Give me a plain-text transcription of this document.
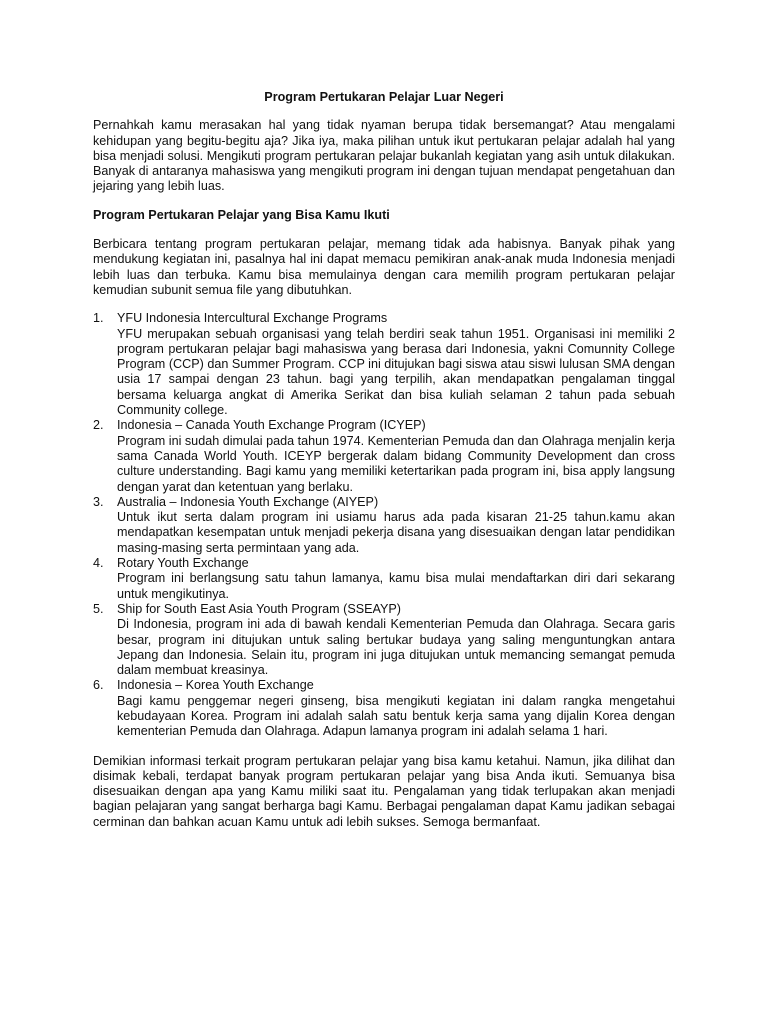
Program Pertukaran Pelajar Luar Negeri

Pernahkah kamu merasakan hal yang tidak nyaman berupa tidak bersemangat? Atau mengalami kehidupan yang begitu-begitu aja? Jika iya, maka pilihan untuk ikut pertukaran pelajar adalah hal yang bisa menjadi solusi. Mengikuti program pertukaran pelajar bukanlah kegiatan yang asih untuk dilakukan. Banyak di antaranya mahasiswa yang mengikuti program ini dengan tujuan mendapat pengetahuan dan jejaring yang lebih luas.

Program Pertukaran Pelajar yang Bisa Kamu Ikuti

Berbicara tentang program pertukaran pelajar, memang tidak ada habisnya. Banyak pihak yang mendukung kegiatan ini, pasalnya hal ini dapat memacu pemikiran anak-anak muda Indonesia menjadi lebih luas dan terbuka. Kamu bisa memulainya dengan cara memilih program pertukaran pelajar kemudian subunit semua file yang dibutuhkan.

1. YFU Indonesia Intercultural Exchange Programs
YFU merupakan sebuah organisasi yang telah berdiri seak tahun 1951. Organisasi ini memiliki 2 program pertukaran pelajar bagi mahasiswa yang berasa dari Indonesia, yakni Comunnity College Program (CCP) dan Summer Program. CCP ini ditujukan bagi siswa atau siswi lulusan SMA dengan usia 17 sampai dengan 23 tahun. bagi yang terpilih, akan mendapatkan pengalaman tinggal bersama keluarga angkat di Amerika Serikat dan bisa kuliah selaman 2 tahun pada sebuah Community college.
2. Indonesia – Canada Youth Exchange Program (ICYEP)
Program ini sudah dimulai pada tahun 1974. Kementerian Pemuda dan dan Olahraga menjalin kerja sama Canada World Youth. ICEYP bergerak dalam bidang Community Development dan cross culture understanding. Bagi kamu yang memiliki ketertarikan pada program ini, bisa apply langsung dengan yarat dan ketentuan yang berlaku.
3. Australia – Indonesia Youth Exchange (AIYEP)
Untuk ikut serta dalam program ini usiamu harus ada pada kisaran 21-25 tahun.kamu akan mendapatkan kesempatan untuk menjadi pekerja disana yang disesuaikan dengan latar pendidikan masing-masing serta permintaan yang ada.
4. Rotary Youth Exchange
Program ini berlangsung satu tahun lamanya, kamu bisa mulai mendaftarkan diri dari sekarang untuk mengikutinya.
5. Ship for South East Asia Youth Program (SSEAYP)
Di Indonesia, program ini ada di bawah kendali Kementerian Pemuda dan Olahraga. Secara garis besar, program ini ditujukan untuk saling bertukar budaya yang saling menguntungkan antara Jepang dan Indonesia. Selain itu, program ini juga ditujukan untuk memancing semangat pemuda dalam membuat kreasinya.
6. Indonesia – Korea Youth Exchange
Bagi kamu penggemar negeri ginseng, bisa mengikuti kegiatan ini dalam rangka mengetahui kebudayaan Korea. Program ini adalah salah satu bentuk kerja sama yang dijalin Korea dengan kementerian Pemuda dan Olahraga. Adapun lamanya program ini adalah selama 1 hari.

Demikian informasi terkait program pertukaran pelajar yang bisa kamu ketahui. Namun, jika dilihat dan disimak kebali, terdapat banyak program pertukaran pelajar yang bisa Anda ikuti. Semuanya bisa disesuaikan dengan apa yang Kamu miliki saat itu. Pengalaman yang tidak terlupakan akan menjadi bagian pelajaran yang sangat berharga bagi Kamu. Berbagai pengalaman dapat Kamu jadikan sebagai cerminan dan bahkan acuan Kamu untuk adi lebih sukses. Semoga bermanfaat.
